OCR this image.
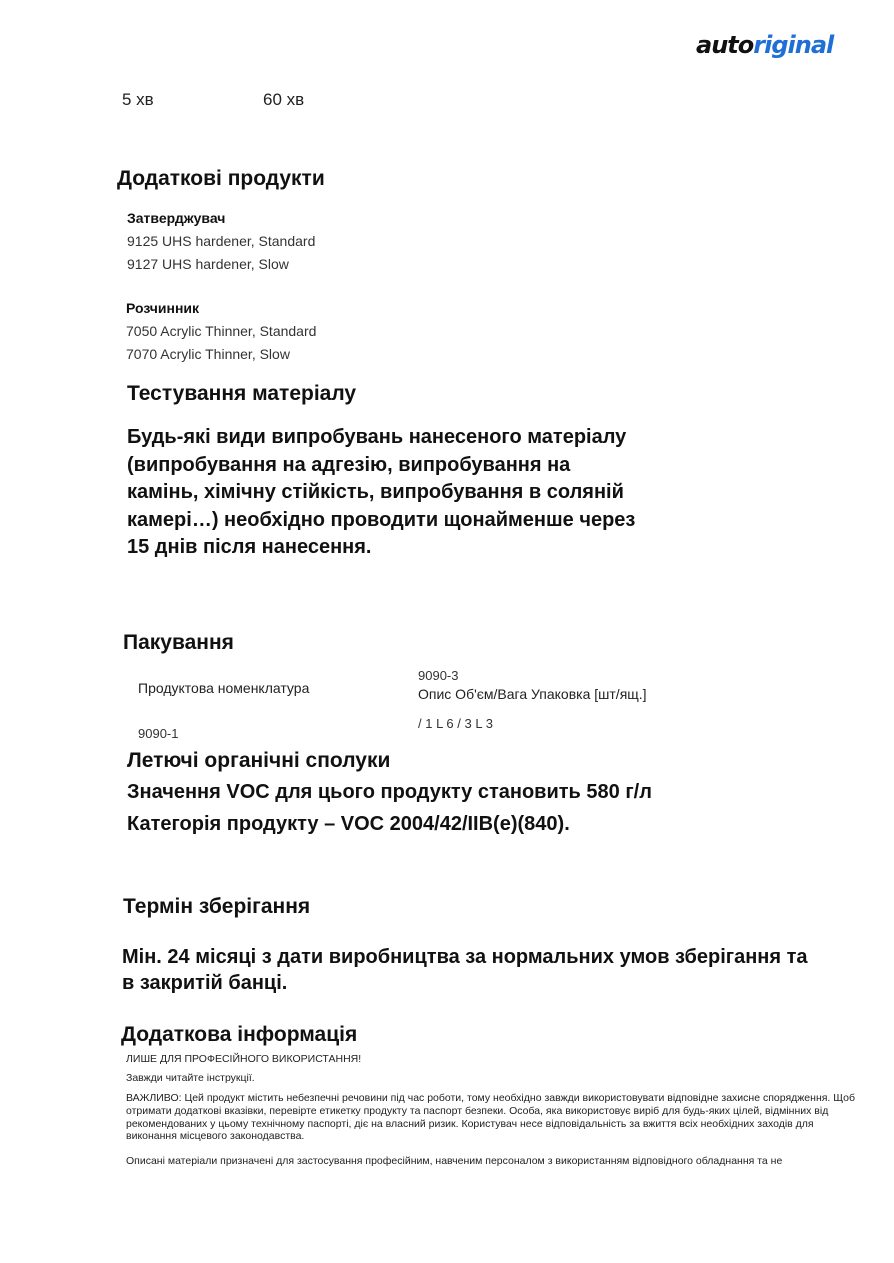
autoriginal
5 хв	60 хв
Додаткові продукти
Затверджувач
9125 UHS hardener, Standard
9127 UHS hardener, Slow
Розчинник
7050 Acrylic Thinner, Standard
7070 Acrylic Thinner, Slow
Тестування матеріалу
Будь-які види випробувань нанесеного матеріалу
(випробування на адгезію, випробування на
камінь, хімічну стійкість, випробування в соляній
камері…) необхідно проводити щонайменше через
15 днів після нанесення.
Пакування
Продуктова номенклатура
9090-3
Опис Об'єм/Вага Упаковка [шт/ящ.]
/ 1 L 6 / 3 L 3
9090-1
Летючі органічні сполуки
Значення VOC для цього продукту становить 580 г/л
Категорія продукту – VOC 2004/42/IIB(e)(840).
Термін зберігання
Мін. 24 місяці з дати виробництва за нормальних умов зберігання та
в закритій банці.
Додаткова інформація
ЛИШЕ ДЛЯ ПРОФЕСІЙНОГО ВИКОРИСТАННЯ!
Завжди читайте інструкції.
ВАЖЛИВО: Цей продукт містить небезпечні речовини під час роботи, тому необхідно завжди використовувати відповідне захисне спорядження. Щоб отримати додаткові вказівки, перевірте етикетку продукту та паспорт безпеки. Особа, яка використовує виріб для будь-яких цілей, відмінних від рекомендованих у цьому технічному паспорті, діє на власний ризик. Користувач несе відповідальність за вжиття всіх необхідних заходів для виконання місцевого законодавства.
Описані матеріали призначені для застосування професійним, навченим персоналом з використанням відповідного обладнання та не
